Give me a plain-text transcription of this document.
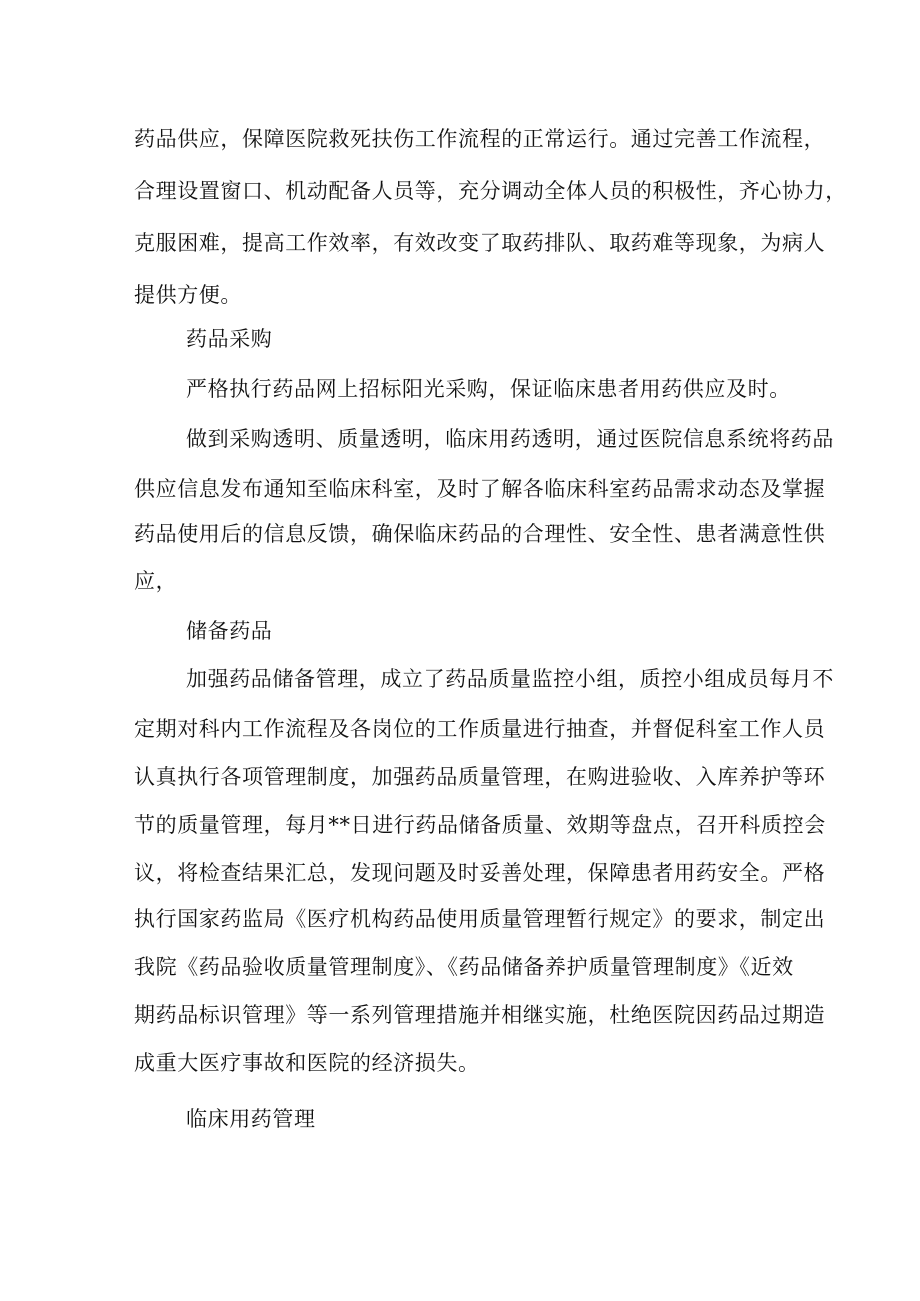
药品供应，保障医院救死扶伤工作流程的正常运行。通过完善工作流程，
合理设置窗口、机动配备人员等，充分调动全体人员的积极性，齐心协力，
克服困难，提高工作效率，有效改变了取药排队、取药难等现象，为病人
提供方便。
药品采购
严格执行药品网上招标阳光采购，保证临床患者用药供应及时。
做到采购透明、质量透明，临床用药透明，通过医院信息系统将药品
供应信息发布通知至临床科室，及时了解各临床科室药品需求动态及掌握
药品使用后的信息反馈，确保临床药品的合理性、安全性、患者满意性供
应，
储备药品
加强药品储备管理，成立了药品质量监控小组，质控小组成员每月不
定期对科内工作流程及各岗位的工作质量进行抽查，并督促科室工作人员
认真执行各项管理制度，加强药品质量管理，在购进验收、入库养护等环
节的质量管理，每月**日进行药品储备质量、效期等盘点，召开科质控会
议，将检查结果汇总，发现问题及时妥善处理，保障患者用药安全。严格
执行国家药监局《医疗机构药品使用质量管理暂行规定》的要求，制定出
我院《药品验收质量管理制度》、《药品储备养护质量管理制度》《近效
期药品标识管理》等一系列管理措施并相继实施，杜绝医院因药品过期造
成重大医疗事故和医院的经济损失。
临床用药管理
